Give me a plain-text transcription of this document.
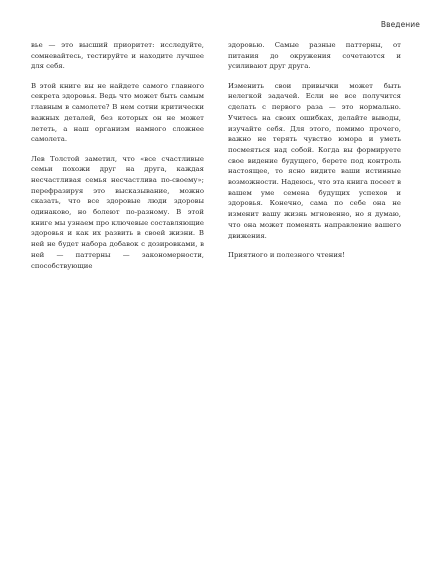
Введение

вье — это высший приоритет: исследуйте, сомневайтесь, тестируйте и находите лучшее для себя.

В этой книге вы не найдете самого главного секрета здоровья. Ведь что может быть самым главным в самолете? В нем сотни критически важных деталей, без которых он не может лететь, а наш организм намного сложнее самолета.

Лев Толстой заметил, что «все счастливые семьи похожи друг на друга, каждая несчастливая семья несчастлива по-своему»; перефразируя это высказывание, можно сказать, что все здоровые люди здоровы одинаково, но болеют по-разному. В этой книге мы узнаем про ключевые составляющие здоровья и как их развить в своей жизни. В ней не будет набора добавок с дозировками, в ней — паттерны — закономерности, способствующие

здоровью. Самые разные паттерны, от питания до окружения сочетаются и усиливают друг друга.

Изменить свои привычки может быть нелегкой задачей. Если не все получится сделать с первого раза — это нормально. Учитесь на своих ошибках, делайте выводы, изучайте себя. Для этого, помимо прочего, важно не терять чувство юмора и уметь посмеяться над собой. Когда вы формируете свое видение будущего, берете под контроль настоящее, то ясно видите ваши истинные возможности. Надеюсь, что эта книга посеет в вашем уме семена будущих успехов и здоровья. Конечно, сама по себе она не изменит вашу жизнь мгновенно, но я думаю, что она может поменять направление вашего движения.

Приятного и полезного чтения!
